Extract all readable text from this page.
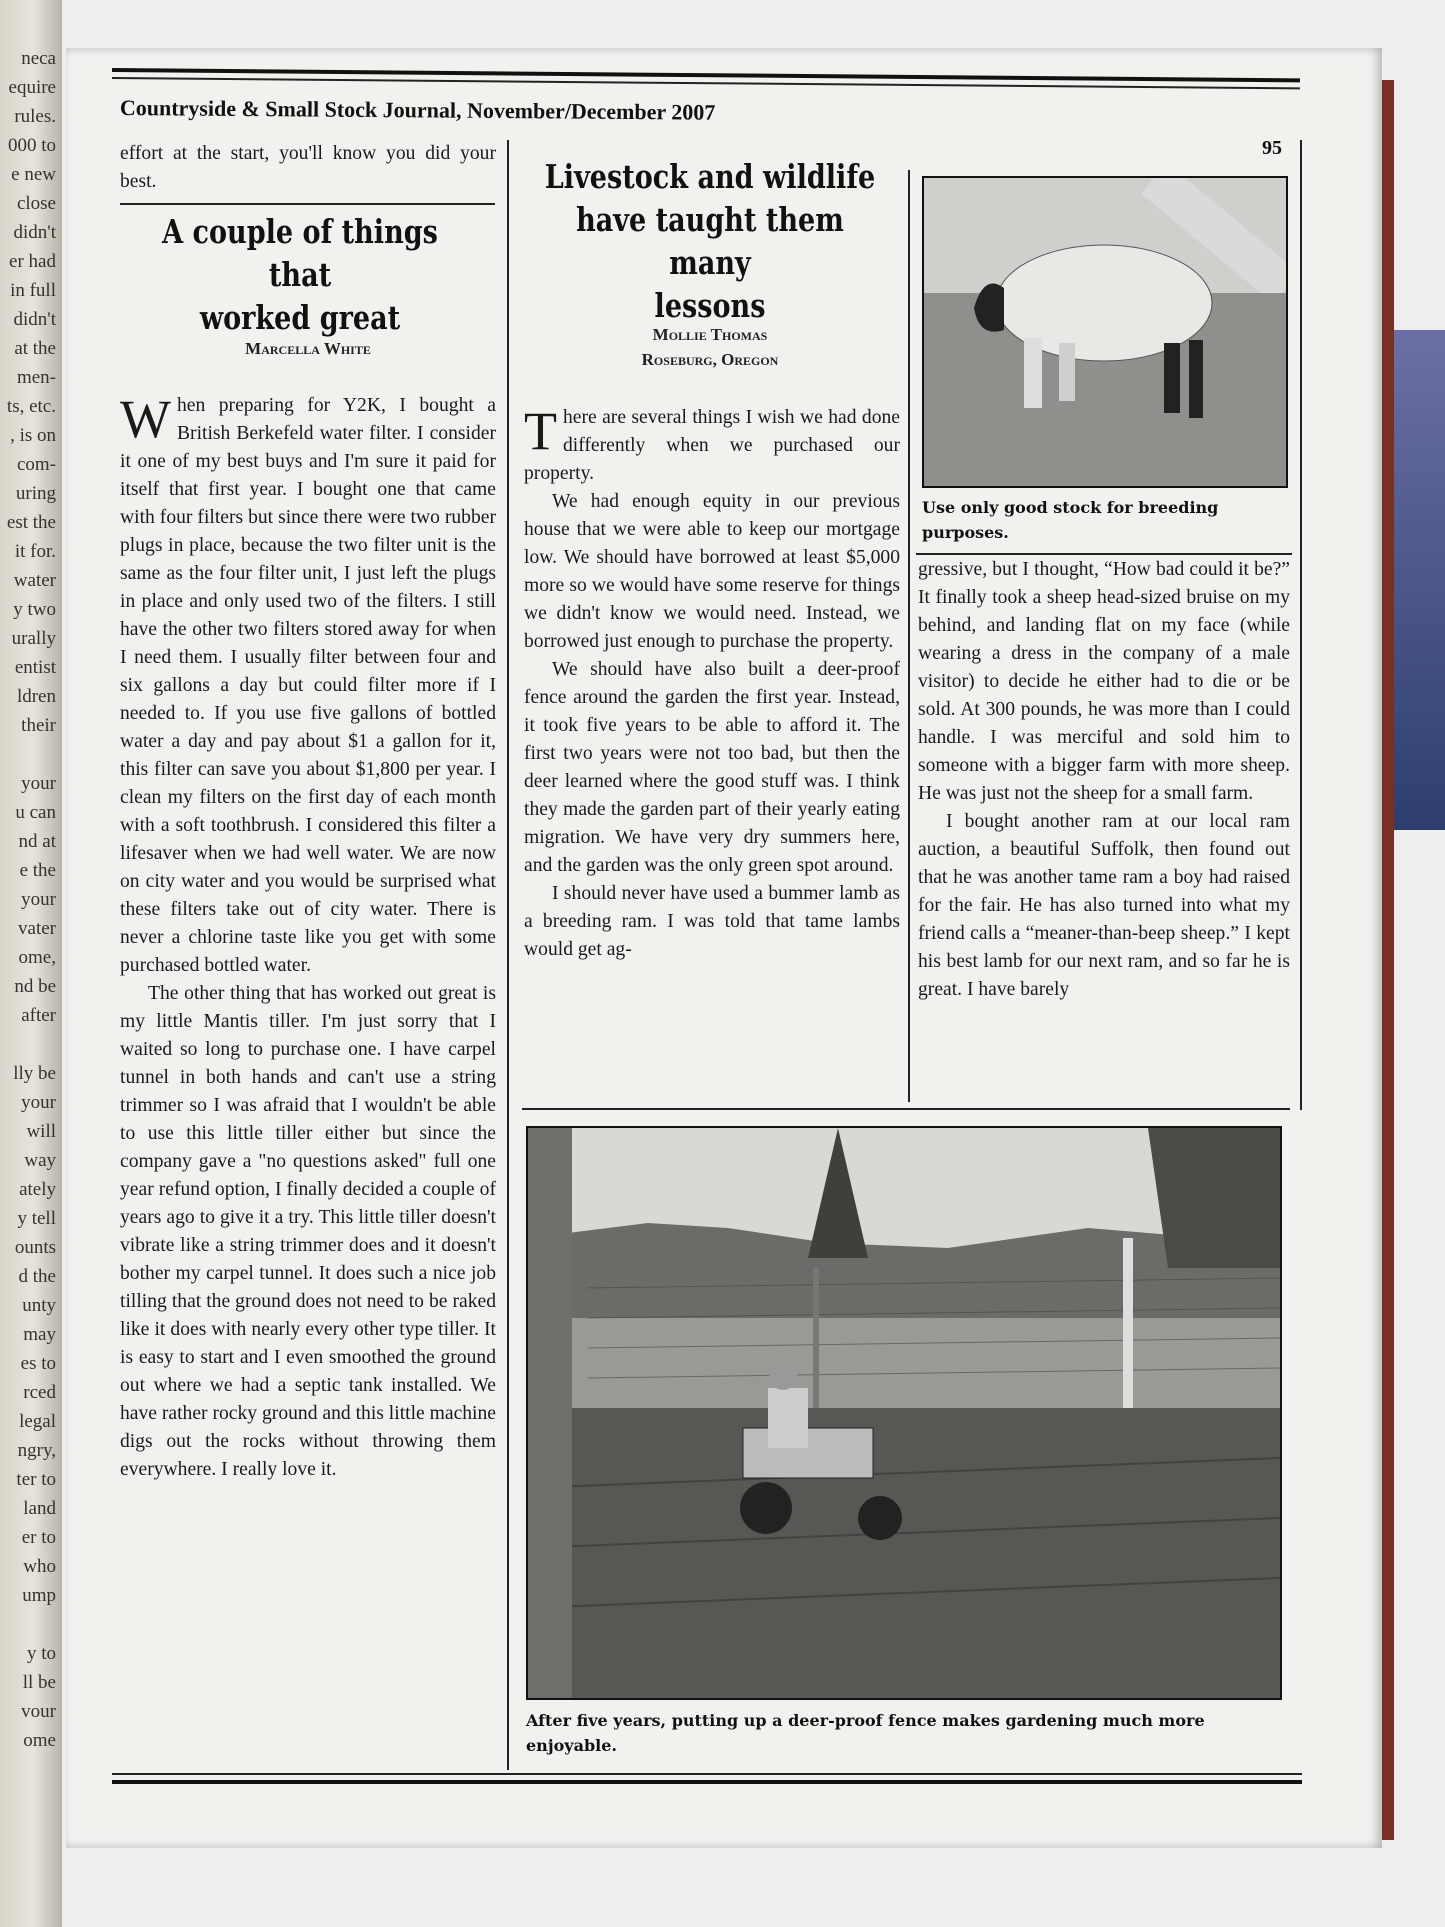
neca
equire
rules.
000 to
e new
close
didn't
er had
in full
didn't
at the
men-
ts, etc.
, is on
com-
uring
est the
it for.
water
y two
urally
entist
ldren
their
your
u can
nd at
e the
your
vater
ome,
nd be
after
lly be
your
will
way
ately
y tell
ounts
d the
unty
may
es to
rced
legal
ngry,
ter to
land
er to
who
ump
y to
ll be
vour
ome
Countryside & Small Stock Journal, November/December 2007
95

effort at the start, you'll know you did your best.

A couple of things that
worked great
Marcella White

When preparing for Y2K, I bought a British Berkefeld water filter. I consider it one of my best buys and I'm sure it paid for itself that first year. I bought one that came with four filters but since there were two rubber plugs in place, because the two filter unit is the same as the four filter unit, I just left the plugs in place and only used two of the filters. I still have the other two filters stored away for when I need them. I usually filter between four and six gallons a day but could filter more if I needed to. If you use five gallons of bottled water a day and pay about $1 a gallon for it, this filter can save you about $1,800 per year. I clean my filters on the first day of each month with a soft toothbrush. I considered this filter a lifesaver when we had well water. We are now on city water and you would be surprised what these filters take out of city water. There is never a chlorine taste like you get with some purchased bottled water.

The other thing that has worked out great is my little Mantis tiller. I'm just sorry that I waited so long to purchase one. I have carpel tunnel in both hands and can't use a string trimmer so I was afraid that I wouldn't be able to use this little tiller either but since the company gave a "no questions asked" full one year refund option, I finally decided a couple of years ago to give it a try. This little tiller doesn't vibrate like a string trimmer does and it doesn't bother my carpel tunnel. It does such a nice job tilling that the ground does not need to be raked like it does with nearly every other type tiller. It is easy to start and I even smoothed the ground out where we had a septic tank installed. We have rather rocky ground and this little machine digs out the rocks without throwing them everywhere. I really love it.

Livestock and wildlife
have taught them many
lessons
Mollie Thomas
Roseburg, Oregon

There are several things I wish we had done differently when we purchased our property.

We had enough equity in our previous house that we were able to keep our mortgage low. We should have borrowed at least $5,000 more so we would have some reserve for things we didn't know we would need. Instead, we borrowed just enough to purchase the property.

We should have also built a deer-proof fence around the garden the first year. Instead, it took five years to be able to afford it. The first two years were not too bad, but then the deer learned where the good stuff was. I think they made the garden part of their yearly eating migration. We have very dry summers here, and the garden was the only green spot around.

I should never have used a bummer lamb as a breeding ram. I was told that tame lambs would get ag-

Use only good stock for breeding purposes.

gressive, but I thought, “How bad could it be?” It finally took a sheep head-sized bruise on my behind, and landing flat on my face (while wearing a dress in the company of a male visitor) to decide he either had to die or be sold. At 300 pounds, he was more than I could handle. I was merciful and sold him to someone with a bigger farm with more sheep. He was just not the sheep for a small farm.

I bought another ram at our local ram auction, a beautiful Suffolk, then found out that he was another tame ram a boy had raised for the fair. He has also turned into what my friend calls a “meaner-than-beep sheep.” I kept his best lamb for our next ram, and so far he is great. I have barely

After five years, putting up a deer-proof fence makes gardening much more enjoyable.
